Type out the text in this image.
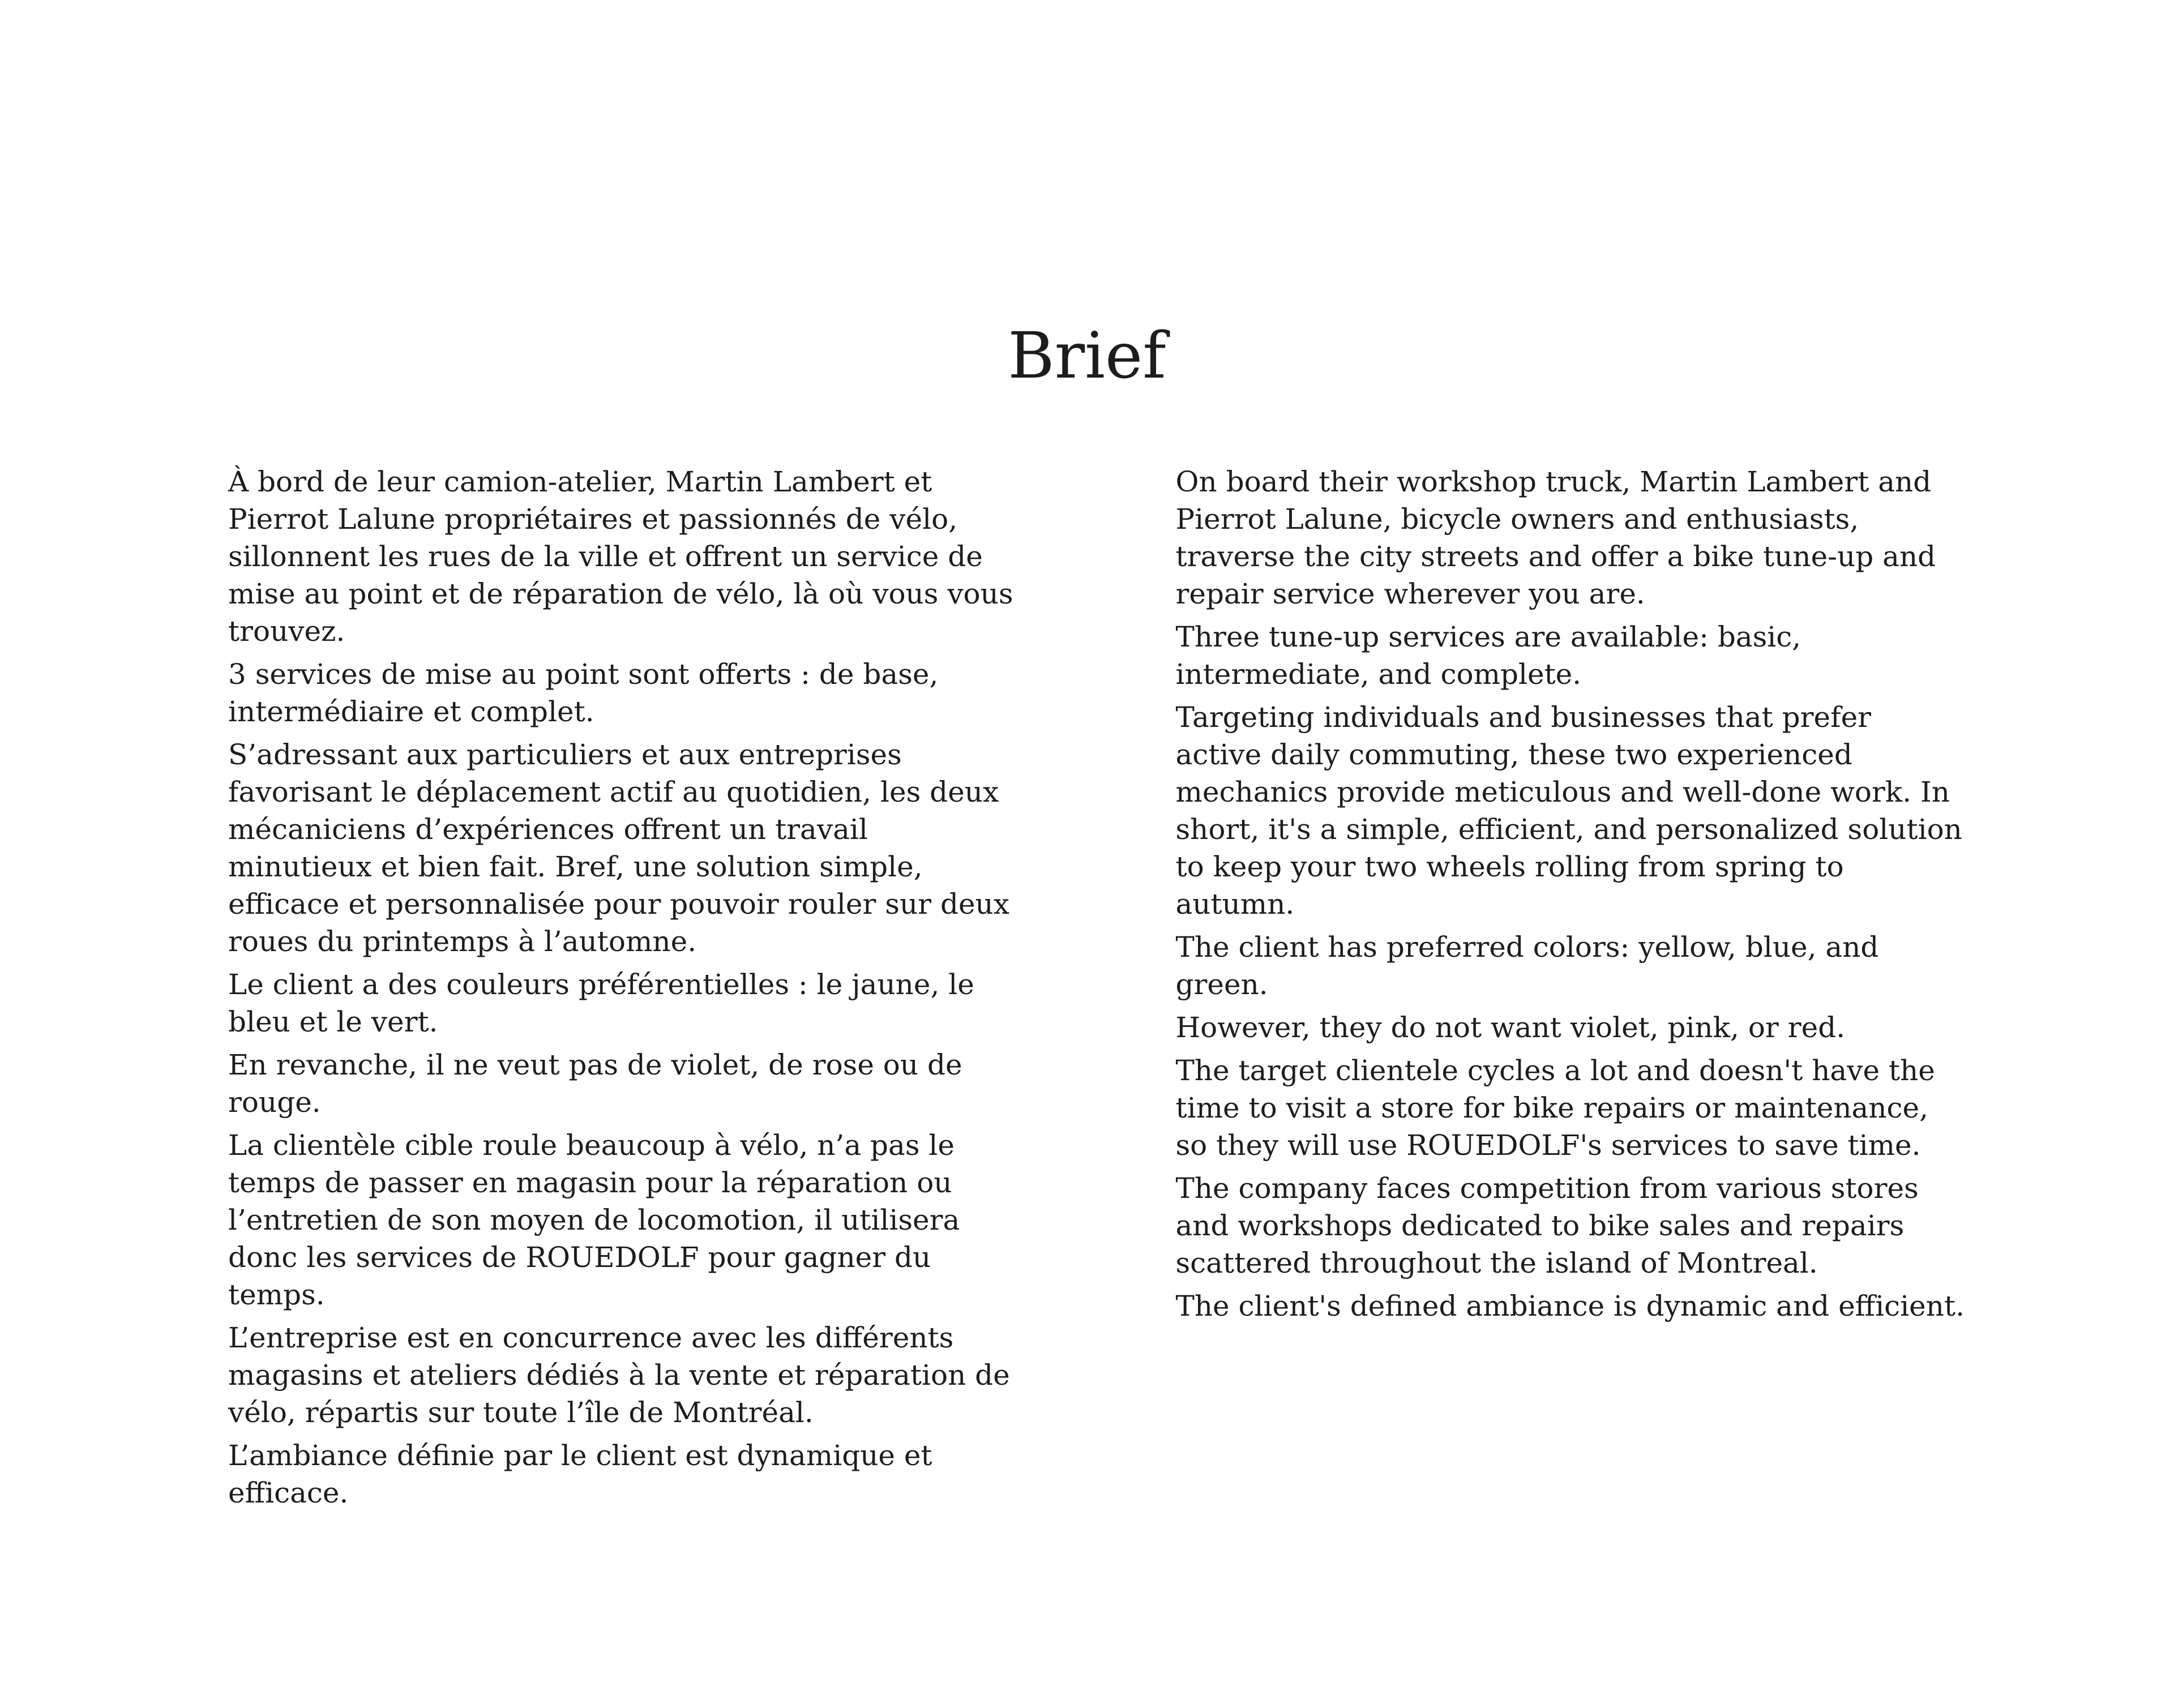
Brief

À bord de leur camion-atelier, Martin Lambert et Pierrot Lalune propriétaires et passionnés de vélo, sillonnent les rues de la ville et offrent un service de mise au point et de réparation de vélo, là où vous vous trouvez.

3 services de mise au point sont offerts : de base, intermédiaire et complet.

S’adressant aux particuliers et aux entreprises favorisant le déplacement actif au quotidien, les deux mécaniciens d’expériences offrent un travail minutieux et bien fait. Bref, une solution simple, efficace et personnalisée pour pouvoir rouler sur deux roues du printemps à l’automne.

Le client a des couleurs préférentielles : le jaune, le bleu et le vert.

En revanche, il ne veut pas de violet, de rose ou de rouge.

La clientèle cible roule beaucoup à vélo, n’a pas le temps de passer en magasin pour la réparation ou l’entretien de son moyen de locomotion, il utilisera donc les services de ROUEDOLF pour gagner du temps.

L’entreprise est en concurrence avec les différents magasins et ateliers dédiés à la vente et réparation de vélo, répartis sur toute l’île de Montréal.

L’ambiance définie par le client est dynamique et efficace.

On board their workshop truck, Martin Lambert and Pierrot Lalune, bicycle owners and enthusiasts, traverse the city streets and offer a bike tune-up and repair service wherever you are.

Three tune-up services are available: basic, intermediate, and complete.

Targeting individuals and businesses that prefer active daily commuting, these two experienced mechanics provide meticulous and well-done work. In short, it's a simple, efficient, and personalized solution to keep your two wheels rolling from spring to autumn.

The client has preferred colors: yellow, blue, and green.

However, they do not want violet, pink, or red.

The target clientele cycles a lot and doesn't have the time to visit a store for bike repairs or maintenance, so they will use ROUEDOLF's services to save time.

The company faces competition from various stores and workshops dedicated to bike sales and repairs scattered throughout the island of Montreal.

The client's defined ambiance is dynamic and efficient.
